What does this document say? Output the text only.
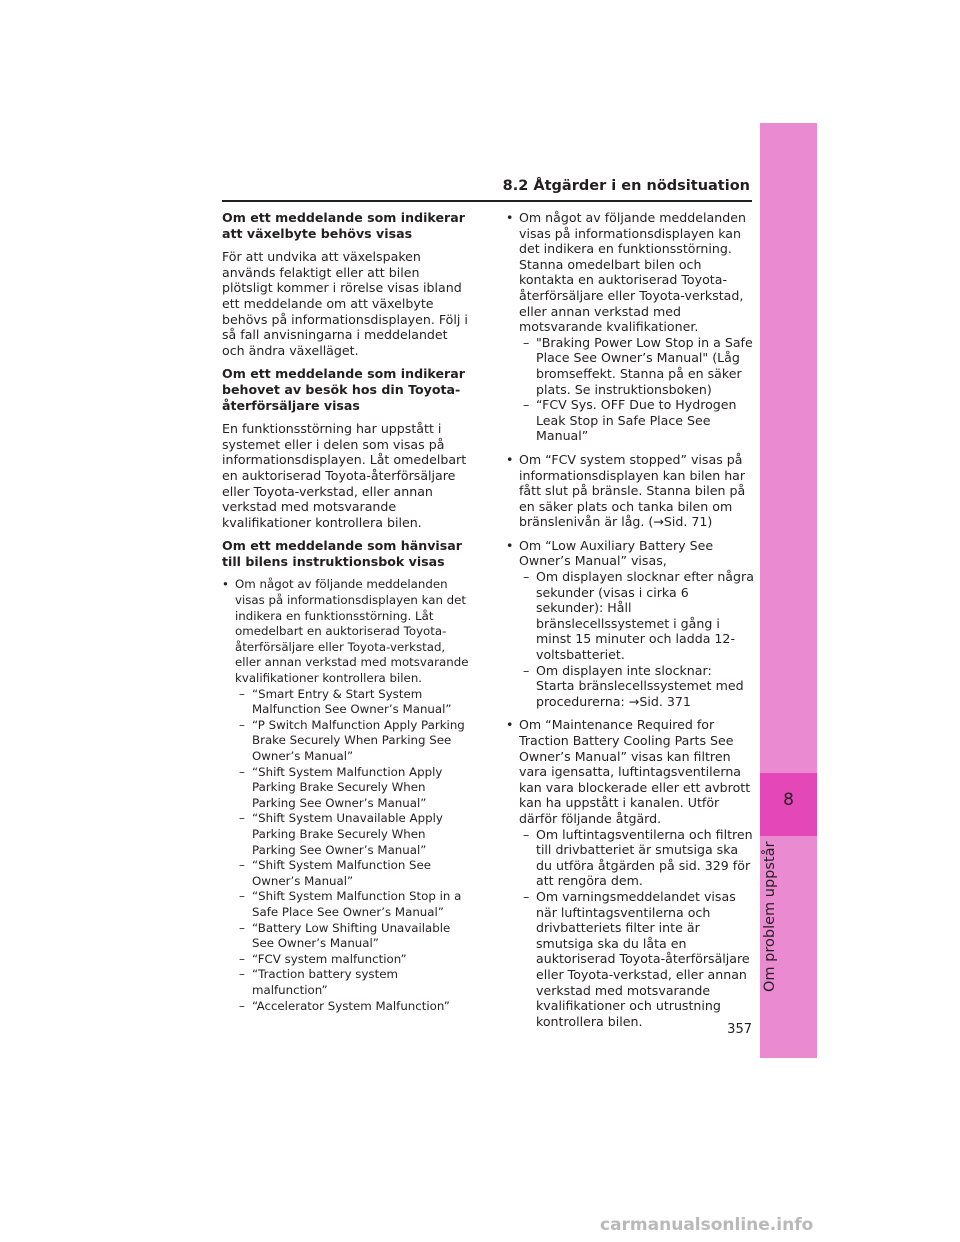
8.2 Åtgärder i en nödsituation
8
Om problem uppstår
Om ett meddelande som indikerar att växelbyte behövs visas

För att undvika att växelspaken används felaktigt eller att bilen plötsligt kommer i rörelse visas ibland ett meddelande om att växelbyte behövs på informationsdisplayen. Följ i så fall anvisningarna i meddelandet och ändra växelläget.

Om ett meddelande som indikerar behovet av besök hos din Toyota-återförsäljare visas

En funktionsstörning har uppstått i systemet eller i delen som visas på informationsdisplayen. Låt omedelbart en auktoriserad Toyota-återförsäljare eller Toyota-verkstad, eller annan verkstad med motsvarande kvalifikationer kontrollera bilen.

Om ett meddelande som hänvisar till bilens instruktionsbok visas
• Om något av följande meddelanden visas på informationsdisplayen kan det indikera en funktionsstörning. Låt omedelbart en auktoriserad Toyota-återförsäljare eller Toyota-verkstad, eller annan verkstad med motsvarande kvalifikationer kontrollera bilen.
– “Smart Entry & Start System Malfunction See Owner’s Manual”
– “P Switch Malfunction Apply Parking Brake Securely When Parking See Owner’s Manual”
– “Shift System Malfunction Apply Parking Brake Securely When Parking See Owner’s Manual”
– “Shift System Unavailable Apply Parking Brake Securely When Parking See Owner’s Manual”
– “Shift System Malfunction See Owner’s Manual”
– “Shift System Malfunction Stop in a Safe Place See Owner’s Manual”
– “Battery Low Shifting Unavailable See Owner’s Manual”
– “FCV system malfunction”
– “Traction battery system malfunction”
– “Accelerator System Malfunction”
• Om något av följande meddelanden visas på informationsdisplayen kan det indikera en funktionsstörning. Stanna omedelbart bilen och kontakta en auktoriserad Toyota-återförsäljare eller Toyota-verkstad, eller annan verkstad med motsvarande kvalifikationer.
– "Braking Power Low Stop in a Safe Place See Owner’s Manual" (Låg bromseffekt. Stanna på en säker plats. Se instruktionsboken)
– “FCV Sys. OFF Due to Hydrogen Leak Stop in Safe Place See Manual”
• Om “FCV system stopped” visas på informationsdisplayen kan bilen har fått slut på bränsle. Stanna bilen på en säker plats och tanka bilen om bränslenivån är låg. (→Sid. 71)
• Om “Low Auxiliary Battery See Owner’s Manual” visas,
– Om displayen slocknar efter några sekunder (visas i cirka 6 sekunder): Håll bränslecellssystemet i gång i minst 15 minuter och ladda 12-voltsbatteriet.
– Om displayen inte slocknar: Starta bränslecellssystemet med procedurerna: →Sid. 371
• Om “Maintenance Required for Traction Battery Cooling Parts See Owner’s Manual” visas kan filtren vara igensatta, luftintagsventilerna kan vara blockerade eller ett avbrott kan ha uppstått i kanalen. Utför därför följande åtgärd.
– Om luftintagsventilerna och filtren till drivbatteriet är smutsiga ska du utföra åtgärden på sid. 329 för att rengöra dem.
– Om varningsmeddelandet visas när luftintagsventilerna och drivbatteriets filter inte är smutsiga ska du låta en auktoriserad Toyota-återförsäljare eller Toyota-verkstad, eller annan verkstad med motsvarande kvalifikationer och utrustning kontrollera bilen.
357
carmanualsonline.info
